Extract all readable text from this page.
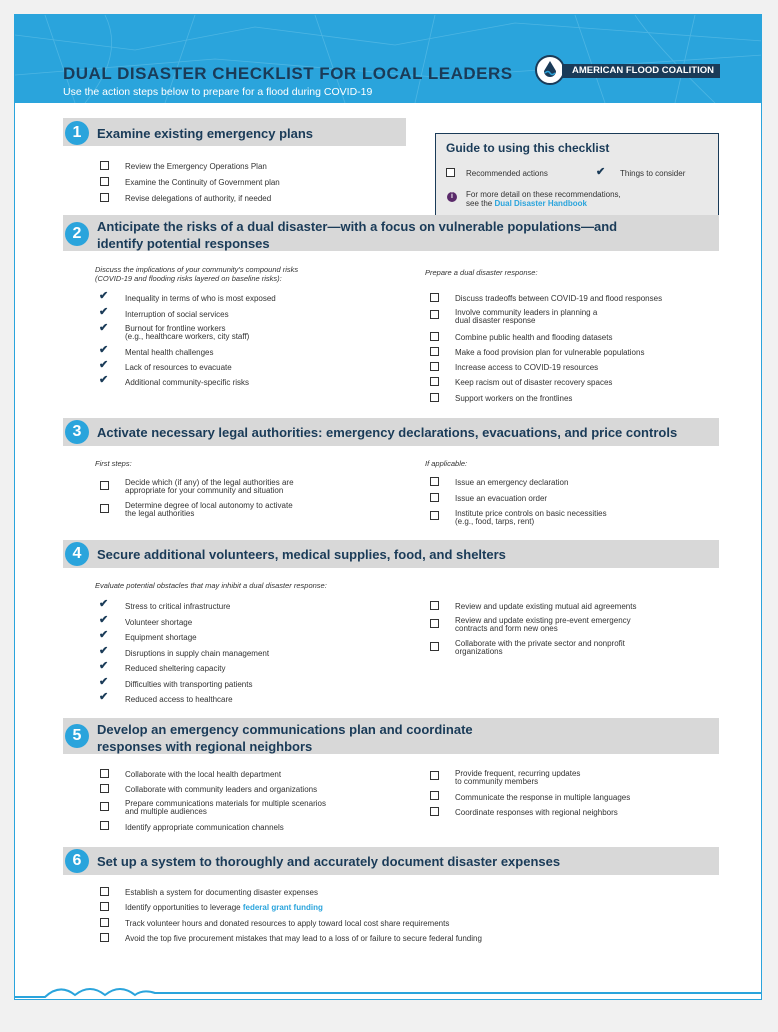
DUAL DISASTER CHECKLIST FOR LOCAL LEADERS
Use the action steps below to prepare for a flood during COVID-19
AMERICAN FLOOD COALITION
1	Examine existing emergency plans
Review the Emergency Operations Plan
Examine the Continuity of Government plan
Revise delegations of authority, if needed
Guide to using this checklist
Recommended actions	✔ Things to consider
i	For more detail on these recommendations,
see the Dual Disaster Handbook
2	Anticipate the risks of a dual disaster—with a focus on vulnerable populations—and
identify potential responses
Discuss the implications of your community's compound risks
(COVID-19 and flooding risks layered on baseline risks):
Prepare a dual disaster response:
✔ Inequality in terms of who is most exposed
✔ Interruption of social services
✔ Burnout for frontline workers
(e.g., healthcare workers, city staff)
✔ Mental health challenges
✔ Lack of resources to evacuate
✔ Additional community-specific risks
Discuss tradeoffs between COVID-19 and flood responses
Involve community leaders in planning a
dual disaster response
Combine public health and flooding datasets
Make a food provision plan for vulnerable populations
Increase access to COVID-19 resources
Keep racism out of disaster recovery spaces
Support workers on the frontlines
3	Activate necessary legal authorities: emergency declarations, evacuations, and price controls
First steps:	If applicable:
Decide which (if any) of the legal authorities are
appropriate for your community and situation
Determine degree of local autonomy to activate
the legal authorities
Issue an emergency declaration
Issue an evacuation order
Institute price controls on basic necessities
(e.g., food, tarps, rent)
4	Secure additional volunteers, medical supplies, food, and shelters
Evaluate potential obstacles that may inhibit a dual disaster response:
✔ Stress to critical infrastructure
✔ Volunteer shortage
✔ Equipment shortage
✔ Disruptions in supply chain management
✔ Reduced sheltering capacity
✔ Difficulties with transporting patients
✔ Reduced access to healthcare
Review and update existing mutual aid agreements
Review and update existing pre-event emergency
contracts and form new ones
Collaborate with the private sector and nonprofit
organizations
5	Develop an emergency communications plan and coordinate
responses with regional neighbors
Collaborate with the local health department
Collaborate with community leaders and organizations
Prepare communications materials for multiple scenarios
and multiple audiences
Identify appropriate communication channels
Provide frequent, recurring updates
to community members
Communicate the response in multiple languages
Coordinate responses with regional neighbors
6	Set up a system to thoroughly and accurately document disaster expenses
Establish a system for documenting disaster expenses
Identify opportunities to leverage federal grant funding
Track volunteer hours and donated resources to apply toward local cost share requirements
Avoid the top five procurement mistakes that may lead to a loss of or failure to secure federal funding
